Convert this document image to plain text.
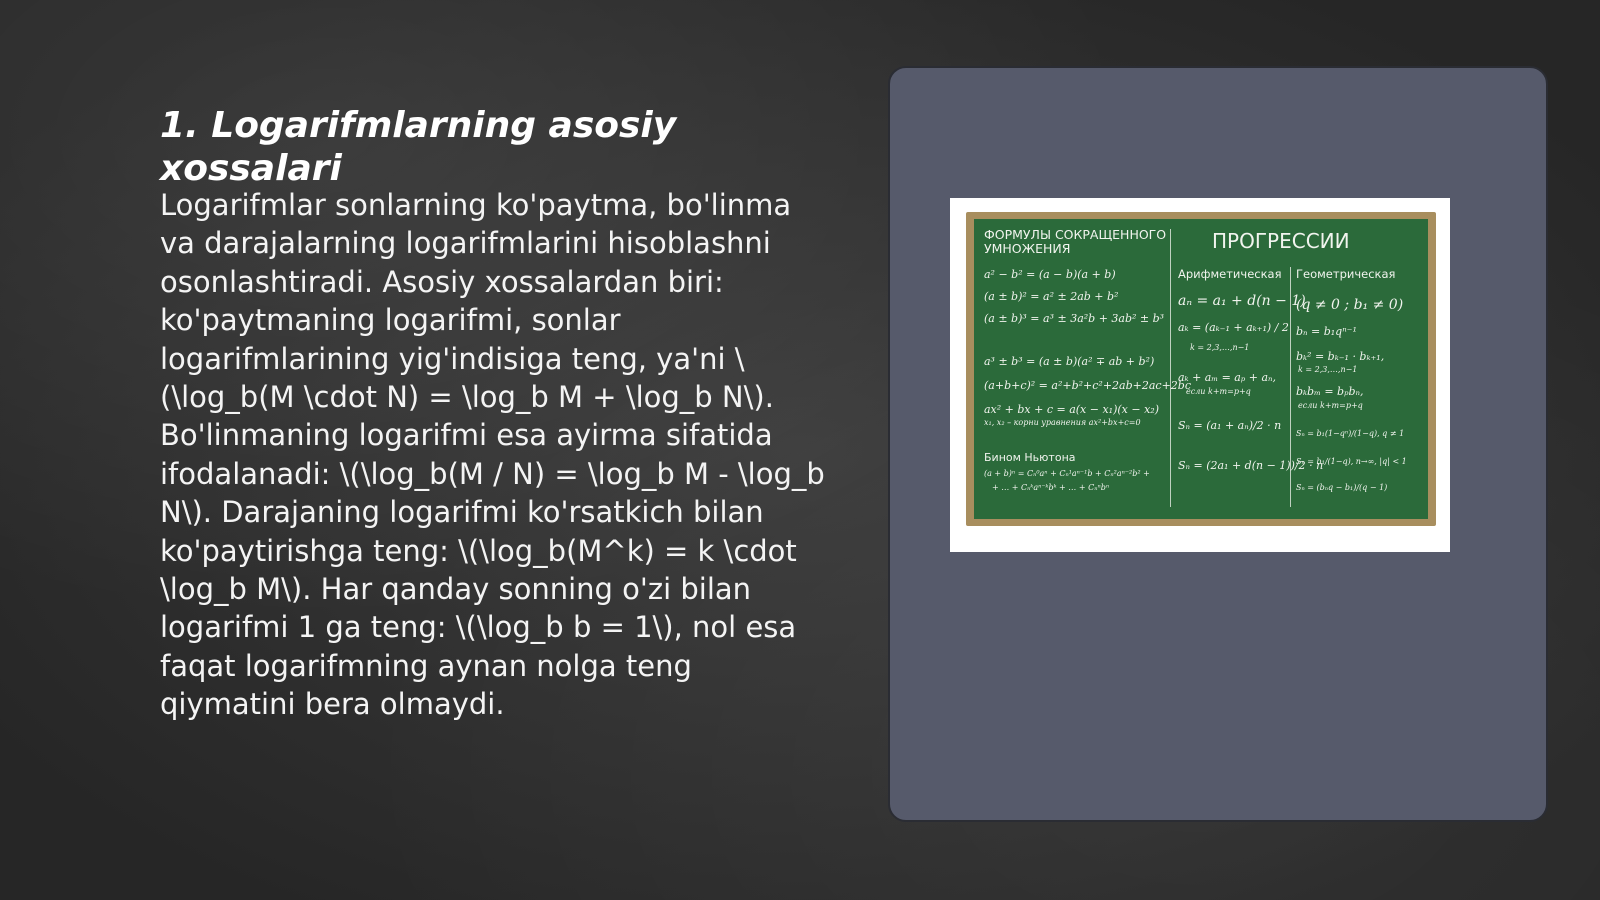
1. Logarifmlarning asosiy xossalari

Logarifmlar sonlarning ko'paytma, bo'linma va darajalarning logarifmlarini hisoblashni osonlashtiradi. Asosiy xossalardan biri: ko'paytmaning logarifmi, sonlar logarifmlarining yig'indisiga teng, ya'ni \(\log_b(M \cdot N) = \log_b M + \log_b N\). Bo'linmaning logarifmi esa ayirma sifatida ifodalanadi: \(\log_b(M / N) = \log_b M - \log_b N\). Darajaning logarifmi ko'rsatkich bilan ko'paytirishga teng: \(\log_b(M^k) = k \cdot \log_b M\). Har qanday sonning o'zi bilan logarifmi 1 ga teng: \(\log_b b = 1\), nol esa faqat logarifmning aynan nolga teng qiymatini bera olmaydi.

ФОРМУЛЫ СОКРАЩЕННОГО УМНОЖЕНИЯ	ПРОГРЕССИИ
Арифметическая Геометрическая
a² − b² = (a − b)(a + b)
(a ± b)² = a² ± 2ab + b²
(a ± b)³ = a³ ± 3a²b + 3ab² ± b³
a³ ± b³ = (a ± b)(a² ∓ ab + b²)
(a+b+c)² = a²+b²+c²+2ab+2ac+2bc
ax² + bx + c = a(x − x₁)(x − x₂)
x₁, x₂ – корни уравнения ax²+bx+c=0
Бином Ньютона
(a + b)ⁿ = Cₙ⁰aⁿ + Cₙ¹aⁿ⁻¹b + Cₙ²aⁿ⁻²b² +
+ … + Cₙᵏaⁿ⁻ᵏbᵏ + … + Cₙⁿbⁿ
aₙ = a₁ + d(n − 1)
aₖ = (aₖ₋₁ + aₖ₊₁) / 2
k = 2,3,…,n−1
aₖ + aₘ = aₚ + aₙ,
если k+m=p+q
Sₙ = (a₁ + aₙ)/2 · n
Sₙ = (2a₁ + d(n − 1))/2 · n
(q ≠ 0 ; b₁ ≠ 0)
bₙ = b₁qⁿ⁻¹
bₖ² = bₖ₋₁ · bₖ₊₁,
k = 2,3,…,n−1
bₖbₘ = bₚbₙ,
если k+m=p+q
Sₙ = b₁(1−qⁿ)/(1−q), q ≠ 1
Sₙ = b₁/(1−q), n→∞, |q| < 1
Sₙ = (bₙq − b₁)/(q − 1)
